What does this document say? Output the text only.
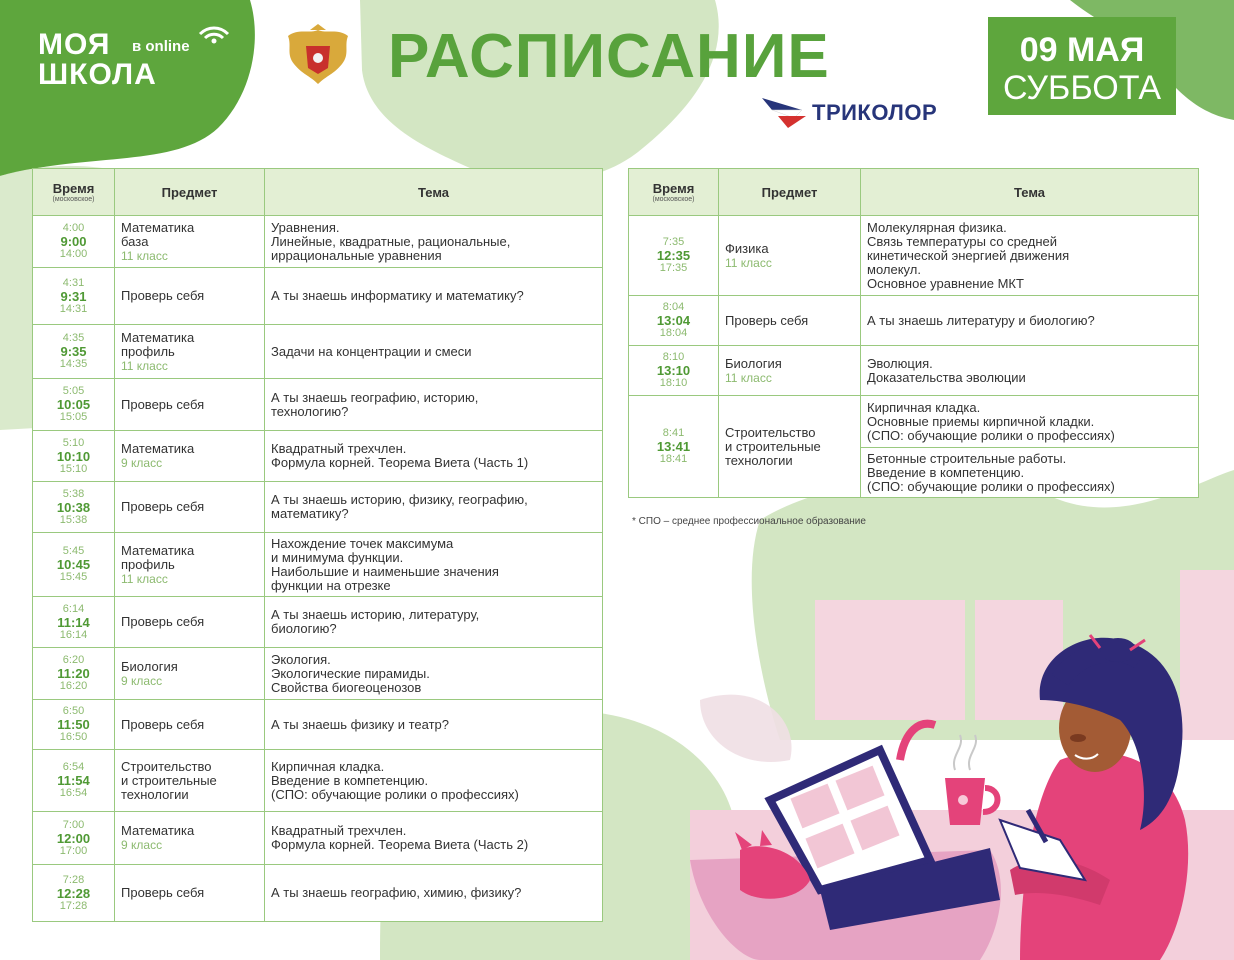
МОЯ в online
ШКОЛА	РАСПИСАНИЕ
ТРИКОЛОР
09 МАЯ
СУББОТА
Время
(московское)	Предмет	Тема

4:00
9:00
14:00	Математика
база
11 класс	Уравнения.
Линейные, квадратные, рациональные,
иррациональные уравнения

4:31
9:31
14:31	Проверь себя	А ты знаешь информатику и математику?

4:35
9:35
14:35	Математика
профиль
11 класс	Задачи на концентрации и смеси

5:05
10:05
15:05	Проверь себя	А ты знаешь географию, историю,
технологию?

5:10
10:10
15:10	Математика
9 класс	Квадратный трехчлен.
Формула корней. Теорема Виета (Часть 1)

5:38
10:38
15:38	Проверь себя	А ты знаешь историю, физику, географию,
математику?

5:45
10:45
15:45	Математика
профиль
11 класс	Нахождение точек максимума
и минимума функции.
Наибольшие и наименьшие значения
функции на отрезке

6:14
11:14
16:14	Проверь себя	А ты знаешь историю, литературу,
биологию?

6:20
11:20
16:20	Биология
9 класс	Экология.
Экологические пирамиды.
Свойства биогеоценозов

6:50
11:50
16:50	Проверь себя	А ты знаешь физику и театр?

6:54
11:54
16:54	Строительство
и строительные
технологии	Кирпичная кладка.
Введение в компетенцию.
(СПО: обучающие ролики о профессиях)

7:00
12:00
17:00	Математика
9 класс	Квадратный трехчлен.
Формула корней. Теорема Виета (Часть 2)

7:28
12:28
17:28	Проверь себя	А ты знаешь географию, химию, физику?
Время
(московское)	Предмет	Тема

7:35
12:35
17:35	Физика
11 класс	Молекулярная физика.
Связь температуры со средней
кинетической энергией движения
молекул.
Основное уравнение МКТ

8:04
13:04
18:04	Проверь себя	А ты знаешь литературу и биологию?

8:10
13:10
18:10	Биология
11 класс	Эволюция.
Доказательства эволюции

8:41
13:41
18:41	Строительство
и строительные
технологии	Кирпичная кладка.
Основные приемы кирпичной кладки.
(СПО: обучающие ролики о профессиях)

		Бетонные строительные работы.
Введение в компетенцию.
(СПО: обучающие ролики о профессиях)
* СПО – среднее профессиональное образование
